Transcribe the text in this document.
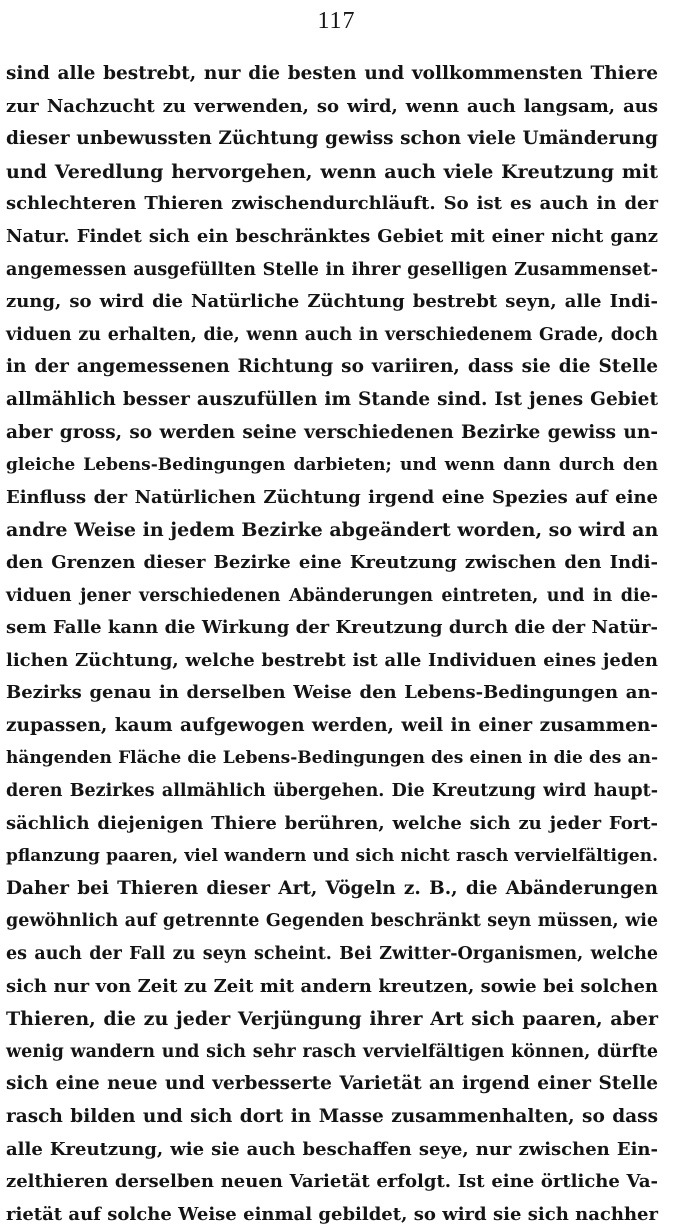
117
sind alle bestrebt, nur die besten und vollkommensten Thiere
zur Nachzucht zu verwenden, so wird, wenn auch langsam, aus
dieser unbewussten Züchtung gewiss schon viele Umänderung
und Veredlung hervorgehen, wenn auch viele Kreutzung mit
schlechteren Thieren zwischendurchläuft. So ist es auch in der
Natur. Findet sich ein beschränktes Gebiet mit einer nicht ganz
angemessen ausgefüllten Stelle in ihrer geselligen Zusammenset-
zung, so wird die Natürliche Züchtung bestrebt seyn, alle Indi-
viduen zu erhalten, die, wenn auch in verschiedenem Grade, doch
in der angemessenen Richtung so variiren, dass sie die Stelle
allmählich besser auszufüllen im Stande sind. Ist jenes Gebiet
aber gross, so werden seine verschiedenen Bezirke gewiss un-
gleiche Lebens-Bedingungen darbieten; und wenn dann durch den
Einfluss der Natürlichen Züchtung irgend eine Spezies auf eine
andre Weise in jedem Bezirke abgeändert worden, so wird an
den Grenzen dieser Bezirke eine Kreutzung zwischen den Indi-
viduen jener verschiedenen Abänderungen eintreten, und in die-
sem Falle kann die Wirkung der Kreutzung durch die der Natür-
lichen Züchtung, welche bestrebt ist alle Individuen eines jeden
Bezirks genau in derselben Weise den Lebens-Bedingungen an-
zupassen, kaum aufgewogen werden, weil in einer zusammen-
hängenden Fläche die Lebens-Bedingungen des einen in die des an-
deren Bezirkes allmählich übergehen. Die Kreutzung wird haupt-
sächlich diejenigen Thiere berühren, welche sich zu jeder Fort-
pflanzung paaren, viel wandern und sich nicht rasch vervielfältigen.
Daher bei Thieren dieser Art, Vögeln z. B., die Abänderungen
gewöhnlich auf getrennte Gegenden beschränkt seyn müssen, wie
es auch der Fall zu seyn scheint. Bei Zwitter-Organismen, welche
sich nur von Zeit zu Zeit mit andern kreutzen, sowie bei solchen
Thieren, die zu jeder Verjüngung ihrer Art sich paaren, aber
wenig wandern und sich sehr rasch vervielfältigen können, dürfte
sich eine neue und verbesserte Varietät an irgend einer Stelle
rasch bilden und sich dort in Masse zusammenhalten, so dass
alle Kreutzung, wie sie auch beschaffen seye, nur zwischen Ein-
zelthieren derselben neuen Varietät erfolgt. Ist eine örtliche Va-
rietät auf solche Weise einmal gebildet, so wird sie sich nachher
